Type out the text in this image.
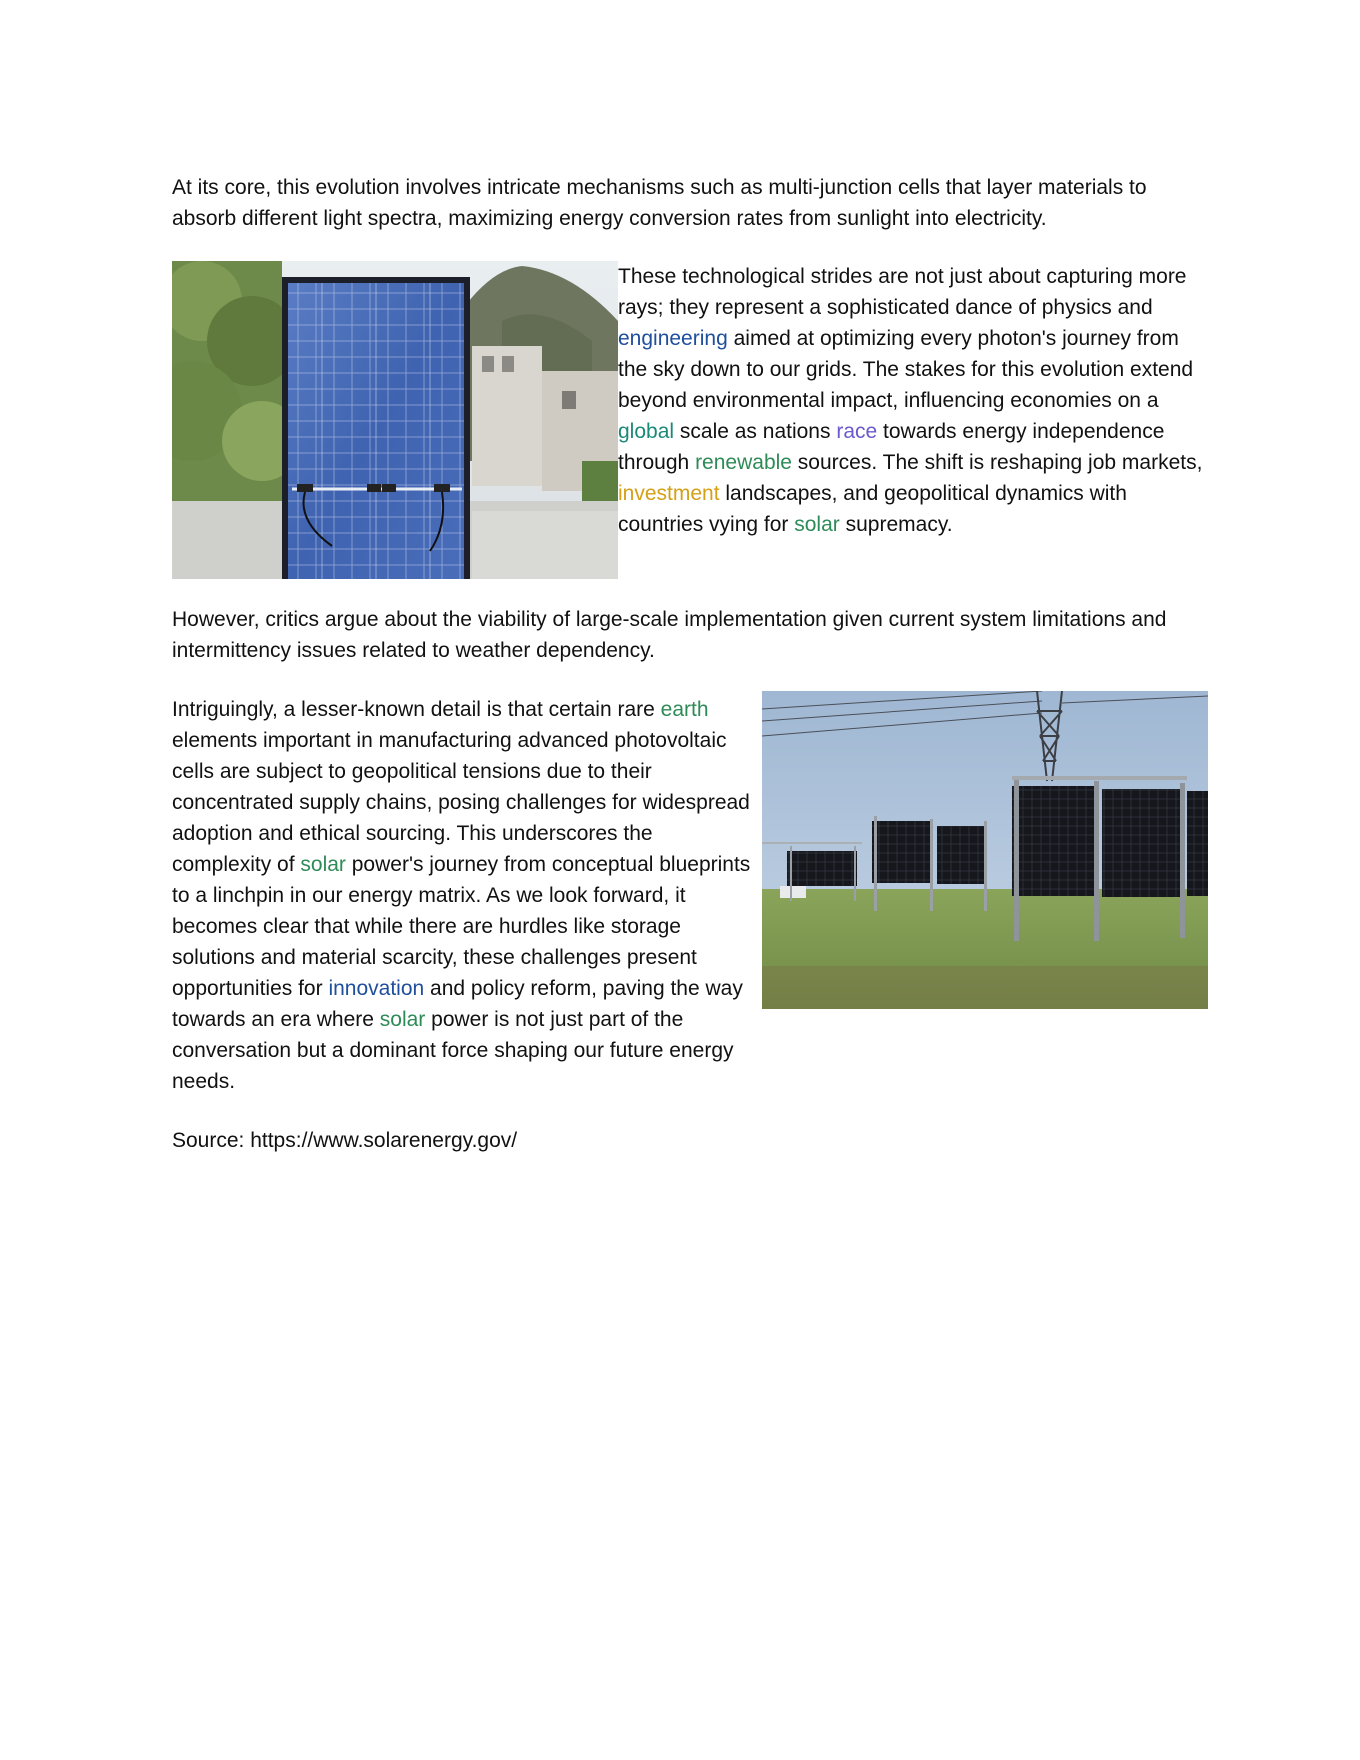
At its core, this evolution involves intricate mechanisms such as multi-junction cells that layer materials to absorb different light spectra, maximizing energy conversion rates from sunlight into electricity.

These technological strides are not just about capturing more rays; they represent a sophisticated dance of physics and engineering aimed at optimizing every photon's journey from the sky down to our grids. The stakes for this evolution extend beyond environmental impact, influencing economies on a global scale as nations race towards energy independence through renewable sources. The shift is reshaping job markets, investment landscapes, and geopolitical dynamics with countries vying for solar supremacy.

However, critics argue about the viability of large-scale implementation given current system limitations and intermittency issues related to weather dependency.

Intriguingly, a lesser-known detail is that certain rare earth elements important in manufacturing advanced photovoltaic cells are subject to geopolitical tensions due to their concentrated supply chains, posing challenges for widespread adoption and ethical sourcing. This underscores the complexity of solar power's journey from conceptual blueprints to a linchpin in our energy matrix. As we look forward, it becomes clear that while there are hurdles like storage solutions and material scarcity, these challenges present opportunities for innovation and policy reform, paving the way towards an era where solar power is not just part of the conversation but a dominant force shaping our future energy needs.

Source: https://www.solarenergy.gov/
